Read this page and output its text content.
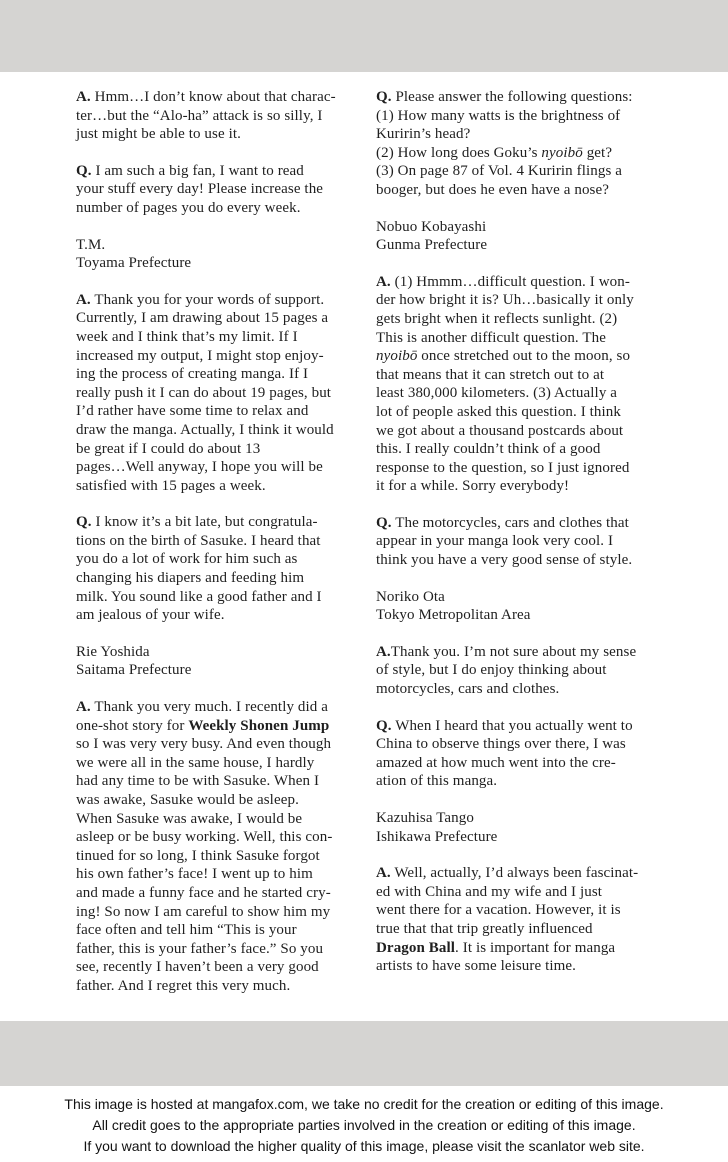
A. Hmm…I don’t know about that charac-
ter…but the “Alo-ha” attack is so silly, I
just might be able to use it.

Q. I am such a big fan, I want to read
your stuff every day! Please increase the
number of pages you do every week.

T.M.
Toyama Prefecture

A. Thank you for your words of support.
Currently, I am drawing about 15 pages a
week and I think that’s my limit. If I
increased my output, I might stop enjoy-
ing the process of creating manga. If I
really push it I can do about 19 pages, but
I’d rather have some time to relax and
draw the manga. Actually, I think it would
be great if I could do about 13
pages…Well anyway, I hope you will be
satisfied with 15 pages a week.

Q. I know it’s a bit late, but congratula-
tions on the birth of Sasuke. I heard that
you do a lot of work for him such as
changing his diapers and feeding him
milk. You sound like a good father and I
am jealous of your wife.

Rie Yoshida
Saitama Prefecture

A. Thank you very much. I recently did a
one-shot story for Weekly Shonen Jump
so I was very very busy. And even though
we were all in the same house, I hardly
had any time to be with Sasuke. When I
was awake, Sasuke would be asleep.
When Sasuke was awake, I would be
asleep or be busy working. Well, this con-
tinued for so long, I think Sasuke forgot
his own father’s face! I went up to him
and made a funny face and he started cry-
ing! So now I am careful to show him my
face often and tell him “This is your
father, this is your father’s face.” So you
see, recently I haven’t been a very good
father. And I regret this very much.

Q. Please answer the following questions:
(1) How many watts is the brightness of
Kuririn’s head?
(2) How long does Goku’s nyoibō get?
(3) On page 87 of Vol. 4 Kuririn flings a
booger, but does he even have a nose?

Nobuo Kobayashi
Gunma Prefecture

A. (1) Hmmm…difficult question. I won-
der how bright it is? Uh…basically it only
gets bright when it reflects sunlight. (2)
This is another difficult question. The
nyoibō once stretched out to the moon, so
that means that it can stretch out to at
least 380,000 kilometers. (3) Actually a
lot of people asked this question. I think
we got about a thousand postcards about
this. I really couldn’t think of a good
response to the question, so I just ignored
it for a while. Sorry everybody!

Q. The motorcycles, cars and clothes that
appear in your manga look very cool. I
think you have a very good sense of style.

Noriko Ota
Tokyo Metropolitan Area

A.Thank you. I’m not sure about my sense
of style, but I do enjoy thinking about
motorcycles, cars and clothes.

Q. When I heard that you actually went to
China to observe things over there, I was
amazed at how much went into the cre-
ation of this manga.

Kazuhisa Tango
Ishikawa Prefecture

A. Well, actually, I’d always been fascinat-
ed with China and my wife and I just
went there for a vacation. However, it is
true that that trip greatly influenced
Dragon Ball. It is important for manga
artists to have some leisure time.

This image is hosted at mangafox.com, we take no credit for the creation or editing of this image.
All credit goes to the appropriate parties involved in the creation or editing of this image.
If you want to download the higher quality of this image, please visit the scanlator web site.
